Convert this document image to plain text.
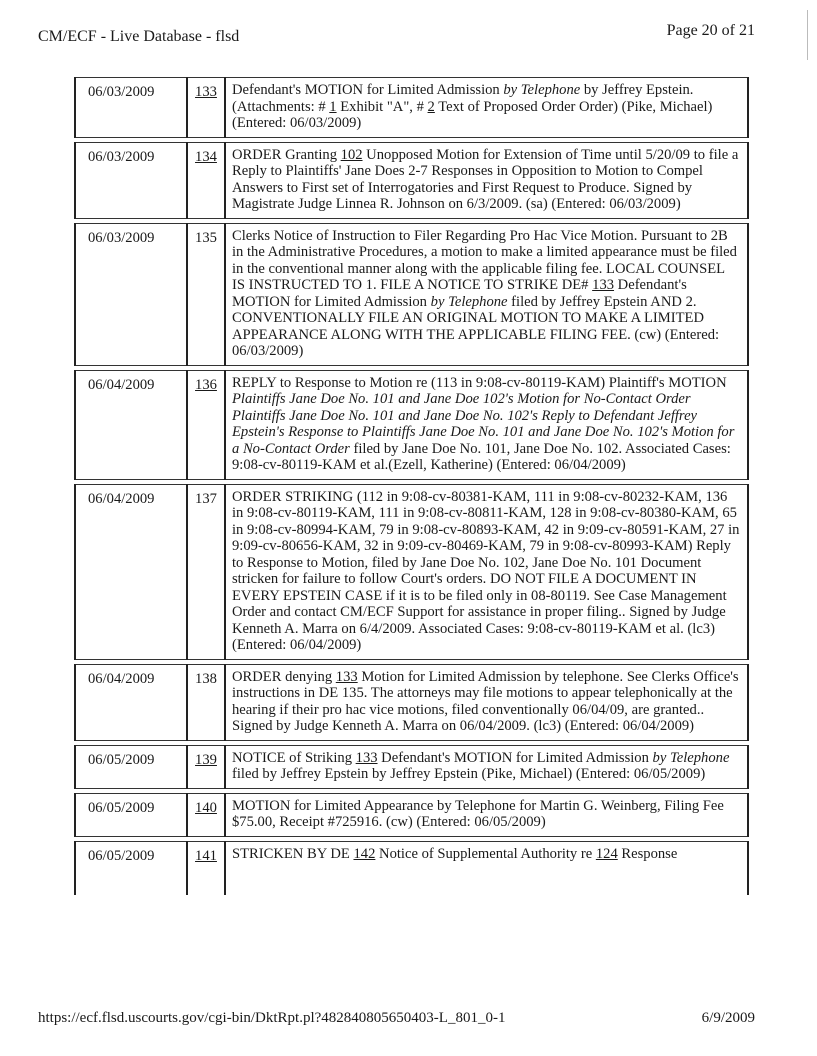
CM/ECF - Live Database - flsd	Page 20 of 21
06/03/2009	133	Defendant's MOTION for Limited Admission by Telephone by Jeffrey Epstein. (Attachments: # 1 Exhibit "A", # 2 Text of Proposed Order Order) (Pike, Michael) (Entered: 06/03/2009)

06/03/2009	134	ORDER Granting 102 Unopposed Motion for Extension of Time until 5/20/09 to file a Reply to Plaintiffs' Jane Does 2-7 Responses in Opposition to Motion to Compel Answers to First set of Interrogatories and First Request to Produce. Signed by Magistrate Judge Linnea R. Johnson on 6/3/2009. (sa) (Entered: 06/03/2009)

06/03/2009	135	Clerks Notice of Instruction to Filer Regarding Pro Hac Vice Motion. Pursuant to 2B in the Administrative Procedures, a motion to make a limited appearance must be filed in the conventional manner along with the applicable filing fee. LOCAL COUNSEL IS INSTRUCTED TO 1. FILE A NOTICE TO STRIKE DE# 133 Defendant's MOTION for Limited Admission by Telephone filed by Jeffrey Epstein AND 2. CONVENTIONALLY FILE AN ORIGINAL MOTION TO MAKE A LIMITED APPEARANCE ALONG WITH THE APPLICABLE FILING FEE. (cw) (Entered: 06/03/2009)

06/04/2009	136	REPLY to Response to Motion re (113 in 9:08-cv-80119-KAM) Plaintiff's MOTION Plaintiffs Jane Doe No. 101 and Jane Doe 102's Motion for No-Contact Order Plaintiffs Jane Doe No. 101 and Jane Doe No. 102's Reply to Defendant Jeffrey Epstein's Response to Plaintiffs Jane Doe No. 101 and Jane Doe No. 102's Motion for a No-Contact Order filed by Jane Doe No. 101, Jane Doe No. 102. Associated Cases: 9:08-cv-80119-KAM et al.(Ezell, Katherine) (Entered: 06/04/2009)

06/04/2009	137	ORDER STRIKING (112 in 9:08-cv-80381-KAM, 111 in 9:08-cv-80232-KAM, 136 in 9:08-cv-80119-KAM, 111 in 9:08-cv-80811-KAM, 128 in 9:08-cv-80380-KAM, 65 in 9:08-cv-80994-KAM, 79 in 9:08-cv-80893-KAM, 42 in 9:09-cv-80591-KAM, 27 in 9:09-cv-80656-KAM, 32 in 9:09-cv-80469-KAM, 79 in 9:08-cv-80993-KAM) Reply to Response to Motion, filed by Jane Doe No. 102, Jane Doe No. 101 Document stricken for failure to follow Court's orders. DO NOT FILE A DOCUMENT IN EVERY EPSTEIN CASE if it is to be filed only in 08-80119. See Case Management Order and contact CM/ECF Support for assistance in proper filing.. Signed by Judge Kenneth A. Marra on 6/4/2009. Associated Cases: 9:08-cv-80119-KAM et al. (lc3) (Entered: 06/04/2009)

06/04/2009	138	ORDER denying 133 Motion for Limited Admission by telephone. See Clerks Office's instructions in DE 135. The attorneys may file motions to appear telephonically at the hearing if their pro hac vice motions, filed conventionally 06/04/09, are granted.. Signed by Judge Kenneth A. Marra on 06/04/2009. (lc3) (Entered: 06/04/2009)

06/05/2009	139	NOTICE of Striking 133 Defendant's MOTION for Limited Admission by Telephone filed by Jeffrey Epstein by Jeffrey Epstein (Pike, Michael) (Entered: 06/05/2009)

06/05/2009	140	MOTION for Limited Appearance by Telephone for Martin G. Weinberg, Filing Fee $75.00, Receipt #725916. (cw) (Entered: 06/05/2009)

06/05/2009	141	STRICKEN BY DE 142 Notice of Supplemental Authority re 124 Response
https://ecf.flsd.uscourts.gov/cgi-bin/DktRpt.pl?482840805650403-L_801_0-1	6/9/2009
